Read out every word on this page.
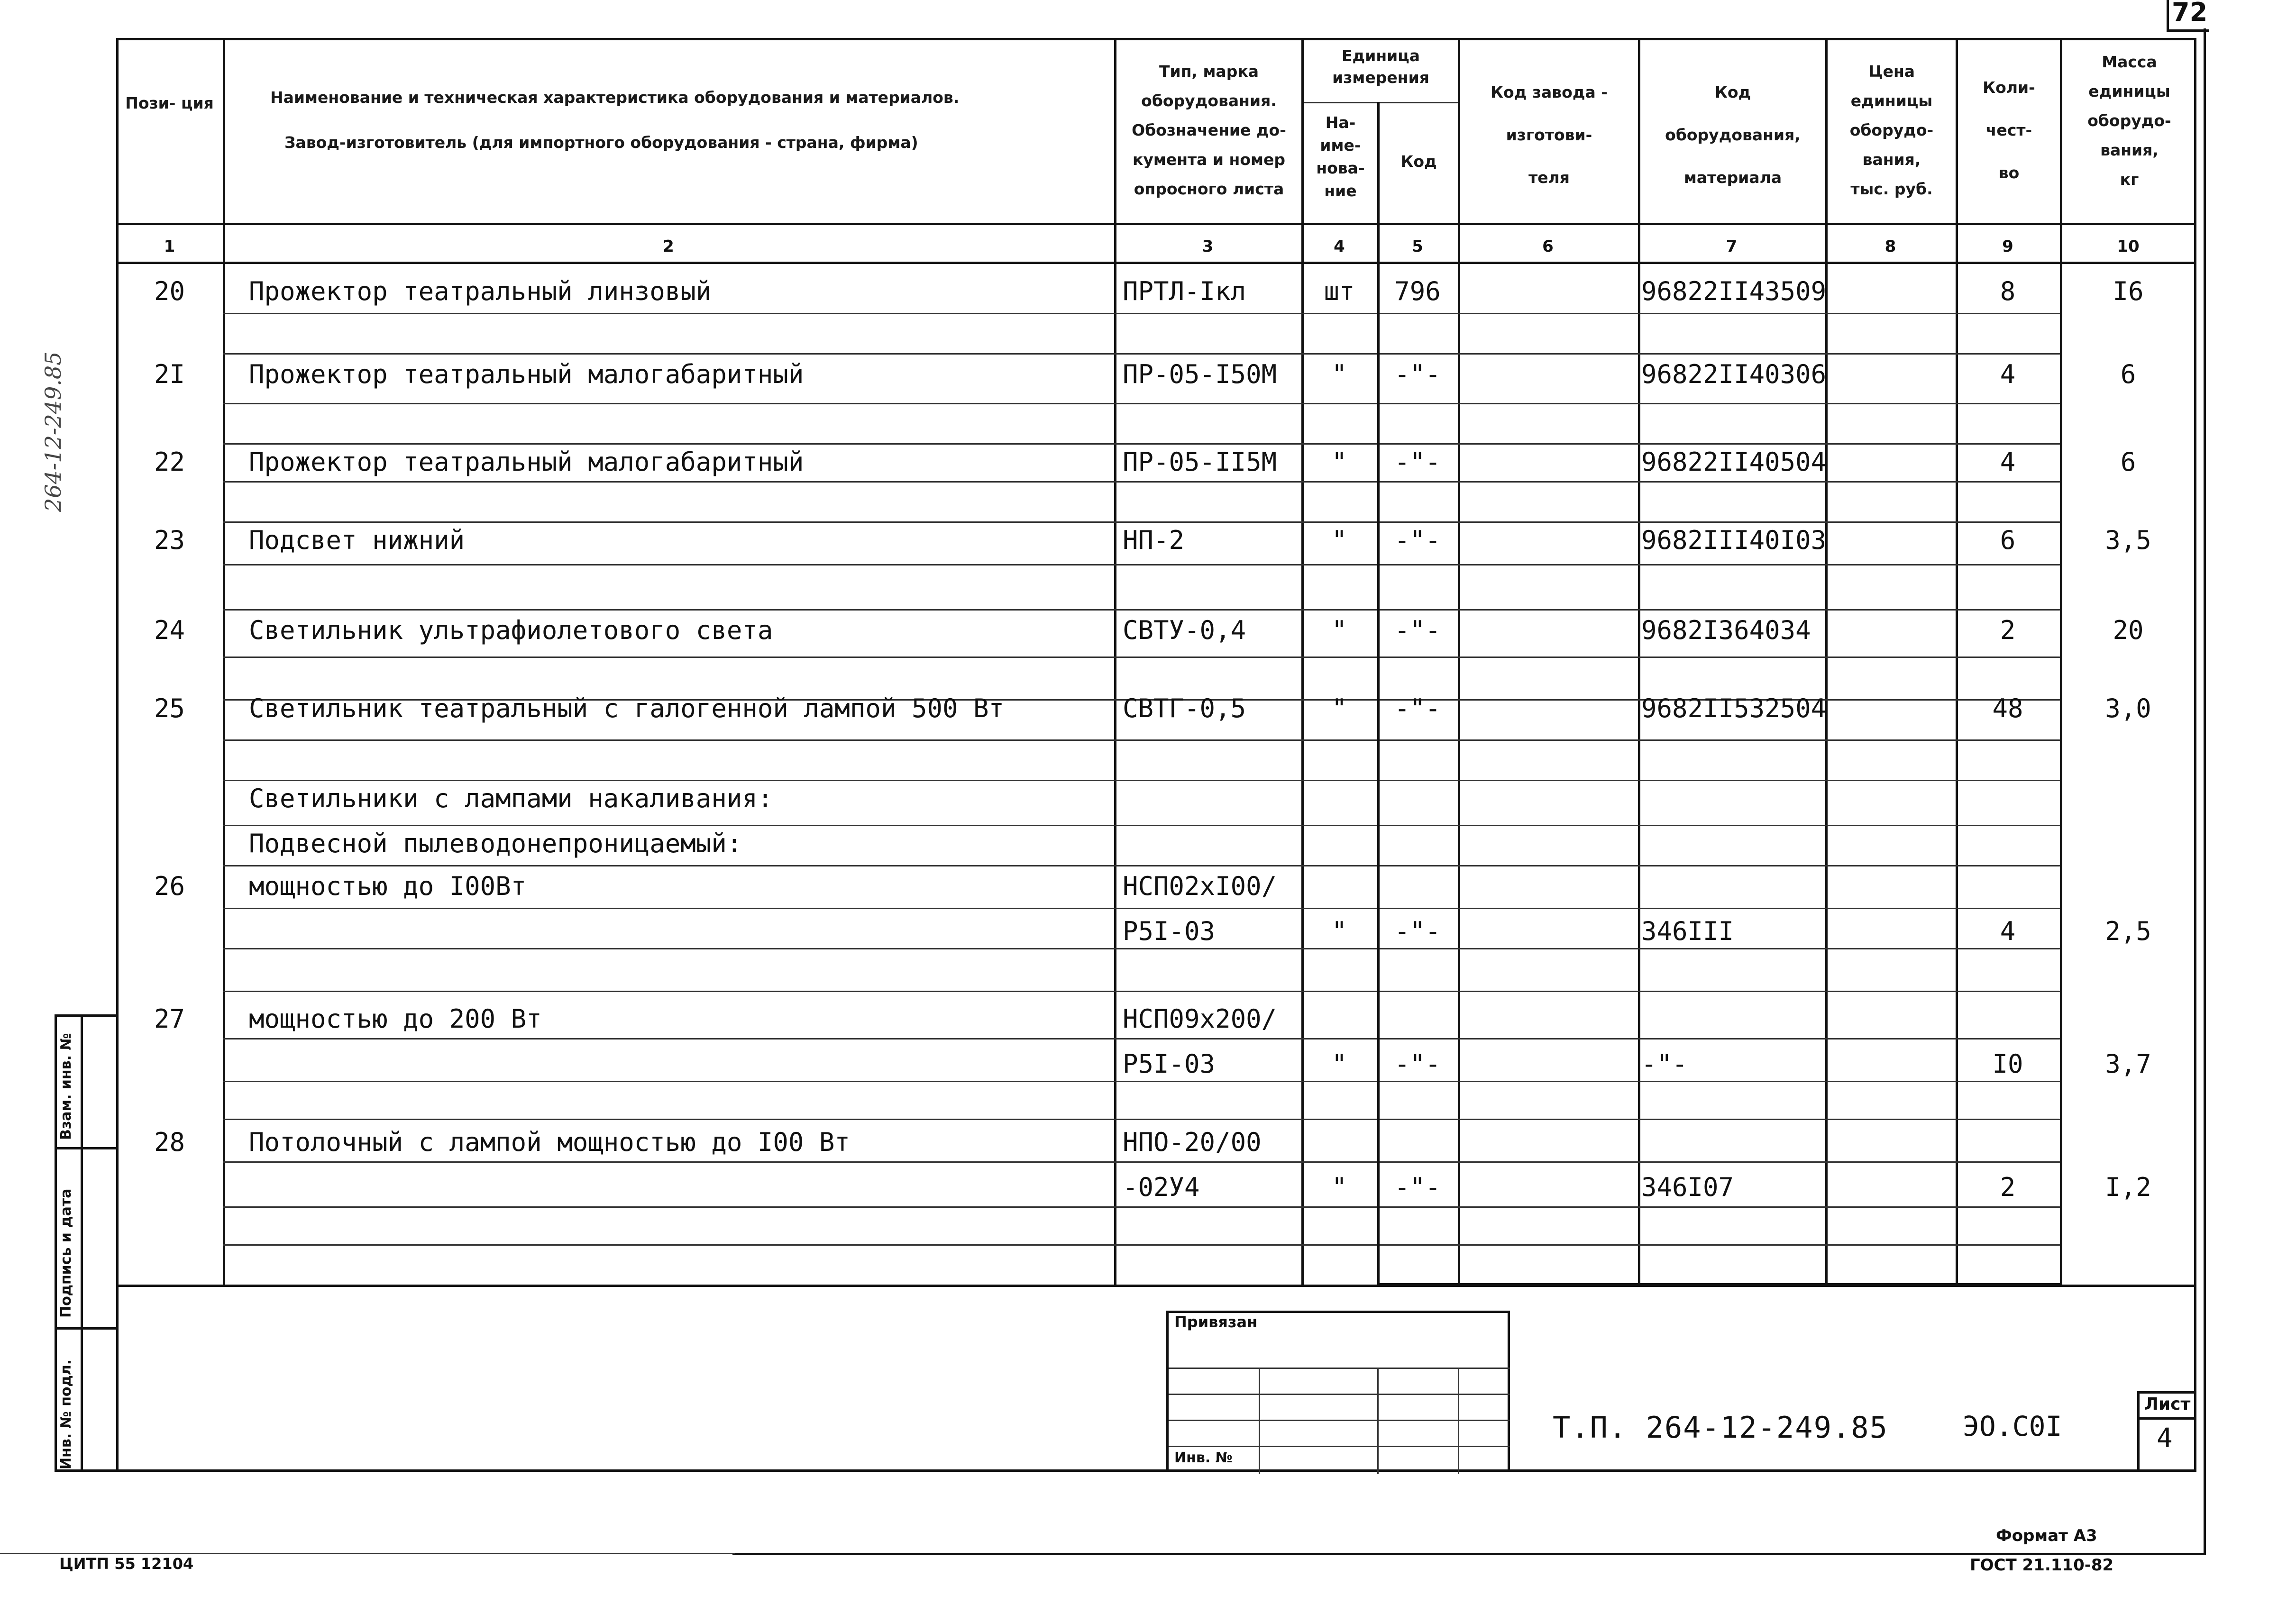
72
Пози- ция	Наименование и техническая характеристика оборудования и материалов.
Завод-изготовитель (для импортного оборудования - страна, фирма)
Тип, марка
оборудования.
Обозначение до-
кумента и номер
опросного листа
Единица измерения
На-
име-
нова-
ние
Код
Код завода -
изготови-
теля
Код
оборудования,
материала
Цена
единицы
оборудо-
вания,
тыс. руб.
Коли-
чест-
во
Масса
единицы
оборудо-
вания,
кг
1	2	3	4	5	6	7	8	9	10
20	Прожектор театральный линзовый	ПРТЛ-Iкл	шт	796	96822II43509	8	I6
2I	Прожектор театральный малогабаритный	ПР-05-I50М	"	-"-	96822II40306	4	6
22	Прожектор театральный малогабаритный	ПР-05-II5М	"	-"-	96822II40504	4	6
23	Подсвет нижний	НП-2	"	-"-	9682III40I03	6	3,5
24	Светильник ультрафиолетового света	СВТУ-0,4	"	-"-	9682I364034	2	20
25	Светильник театральный с галогенной лампой 500 Вт	СВТГ-0,5	"	-"-	9682II532504	48	3,0
Светильники с лампами накаливания:
Подвесной пылеводонепроницаемый:
26	мощностью до I00Вт	НСП02хI00/
Р5I-03	"	-"-	346III	4	2,5
27	мощностью до 200 Вт	НСП09х200/
Р5I-03	"	-"-	-"-	I0	3,7
28	Потолочный с лампой мощностью до I00 Вт	НПО-20/00
-02У4	"	-"-	346I07	2	I,2
Привязан
Инв. №
Т.П. 264-12-249.85	ЭО.С0I
Лист
4
Инв. № подл.
Подпись и дата
Взам. инв. №
264-12-249.85
Формат А3
ГОСТ 21.110-82
ЦИТП 55 12104
